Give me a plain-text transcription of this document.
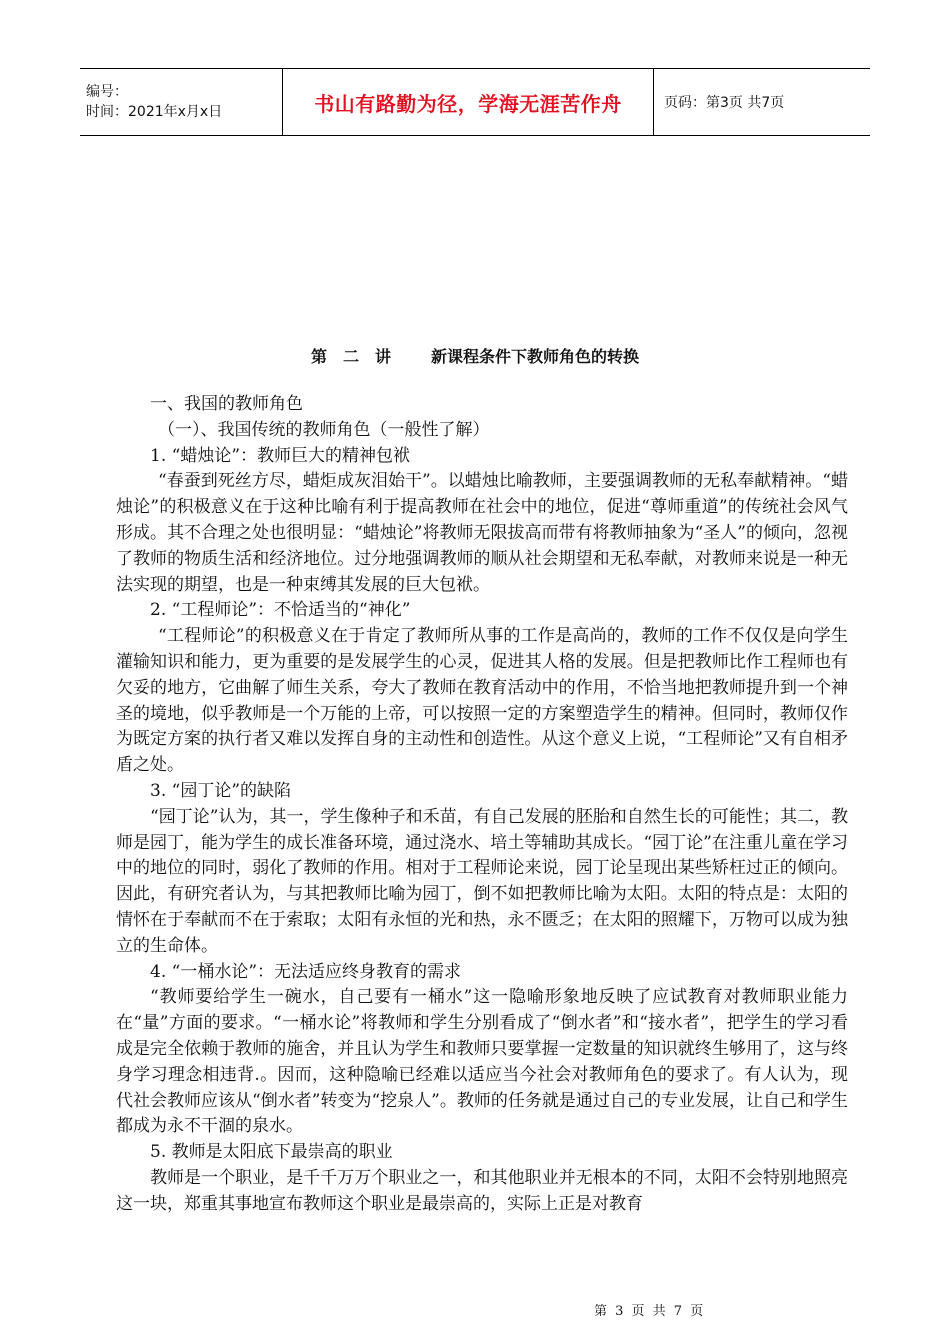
编号：
时间：2021年x月x日	书山有路勤为径，学海无涯苦作舟	页码：第3页 共7页
第　二　讲	新课程条件下教师角色的转换

一、我国的教师角色

（一）、我国传统的教师角色（一般性了解）

1. “蜡烛论”：教师巨大的精神包袱

“春蚕到死丝方尽，蜡炬成灰泪始干”。以蜡烛比喻教师，主要强调教师的无私奉献精神。“蜡烛论”的积极意义在于这种比喻有利于提高教师在社会中的地位，促进“尊师重道”的传统社会风气形成。其不合理之处也很明显：“蜡烛论”将教师无限拔高而带有将教师抽象为“圣人”的倾向，忽视了教师的物质生活和经济地位。过分地强调教师的顺从社会期望和无私奉献，对教师来说是一种无法实现的期望，也是一种束缚其发展的巨大包袱。

2. “工程师论”：不恰适当的“神化”

“工程师论”的积极意义在于肯定了教师所从事的工作是高尚的，教师的工作不仅仅是向学生灌输知识和能力，更为重要的是发展学生的心灵，促进其人格的发展。但是把教师比作工程师也有欠妥的地方，它曲解了师生关系，夸大了教师在教育活动中的作用，不恰当地把教师提升到一个神圣的境地，似乎教师是一个万能的上帝，可以按照一定的方案塑造学生的精神。但同时，教师仅作为既定方案的执行者又难以发挥自身的主动性和创造性。从这个意义上说，“工程师论”又有自相矛盾之处。

3. “园丁论”的缺陷

“园丁论”认为，其一，学生像种子和禾苗，有自己发展的胚胎和自然生长的可能性；其二，教师是园丁，能为学生的成长准备环境，通过浇水、培土等辅助其成长。“园丁论”在注重儿童在学习中的地位的同时，弱化了教师的作用。相对于工程师论来说，园丁论呈现出某些矫枉过正的倾向。因此，有研究者认为，与其把教师比喻为园丁，倒不如把教师比喻为太阳。太阳的特点是：太阳的情怀在于奉献而不在于索取；太阳有永恒的光和热，永不匮乏；在太阳的照耀下，万物可以成为独立的生命体。

4. “一桶水论”：无法适应终身教育的需求

“教师要给学生一碗水，自己要有一桶水”这一隐喻形象地反映了应试教育对教师职业能力在“量”方面的要求。“一桶水论”将教师和学生分别看成了“倒水者”和“接水者”，把学生的学习看成是完全依赖于教师的施舍，并且认为学生和教师只要掌握一定数量的知识就终生够用了，这与终身学习理念相违背.。因而，这种隐喻已经难以适应当今社会对教师角色的要求了。有人认为，现代社会教师应该从“倒水者”转变为“挖泉人”。教师的任务就是通过自己的专业发展，让自己和学生都成为永不干涸的泉水。

5. 教师是太阳底下最崇高的职业

教师是一个职业，是千千万万个职业之一，和其他职业并无根本的不同，太阳不会特别地照亮这一块，郑重其事地宣布教师这个职业是最崇高的，实际上正是对教育

第 3 页 共 7 页
